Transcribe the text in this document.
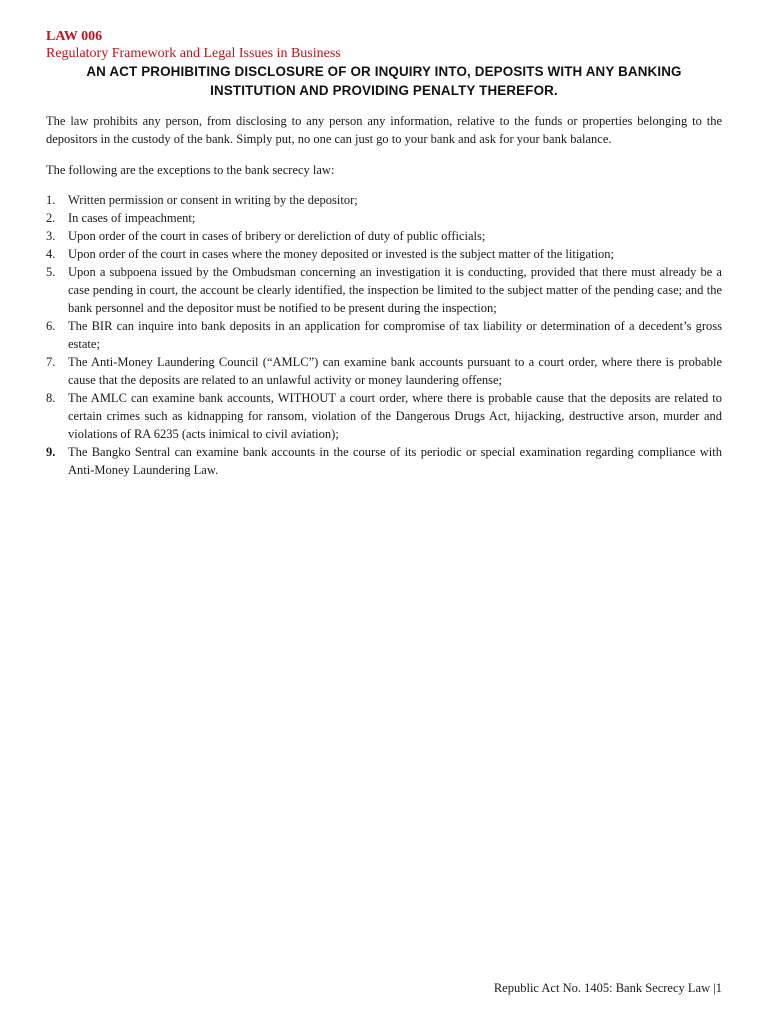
LAW 006
Regulatory Framework and Legal Issues in Business
AN ACT PROHIBITING DISCLOSURE OF OR INQUIRY INTO, DEPOSITS WITH ANY BANKING INSTITUTION AND PROVIDING PENALTY THEREFOR.

The law prohibits any person, from disclosing to any person any information, relative to the funds or properties belonging to the depositors in the custody of the bank. Simply put, no one can just go to your bank and ask for your bank balance.

The following are the exceptions to the bank secrecy law:

1. Written permission or consent in writing by the depositor;
2. In cases of impeachment;
3. Upon order of the court in cases of bribery or dereliction of duty of public officials;
4. Upon order of the court in cases where the money deposited or invested is the subject matter of the litigation;
5. Upon a subpoena issued by the Ombudsman concerning an investigation it is conducting, provided that there must already be a case pending in court, the account be clearly identified, the inspection be limited to the subject matter of the pending case; and the bank personnel and the depositor must be notified to be present during the inspection;
6. The BIR can inquire into bank deposits in an application for compromise of tax liability or determination of a decedent’s gross estate;
7. The Anti-Money Laundering Council (“AMLC”) can examine bank accounts pursuant to a court order, where there is probable cause that the deposits are related to an unlawful activity or money laundering offense;
8. The AMLC can examine bank accounts, WITHOUT a court order, where there is probable cause that the deposits are related to certain crimes such as kidnapping for ransom, violation of the Dangerous Drugs Act, hijacking, destructive arson, murder and violations of RA 6235 (acts inimical to civil aviation);
9. The Bangko Sentral can examine bank accounts in the course of its periodic or special examination regarding compliance with Anti-Money Laundering Law.
Republic Act No. 1405: Bank Secrecy Law |1
